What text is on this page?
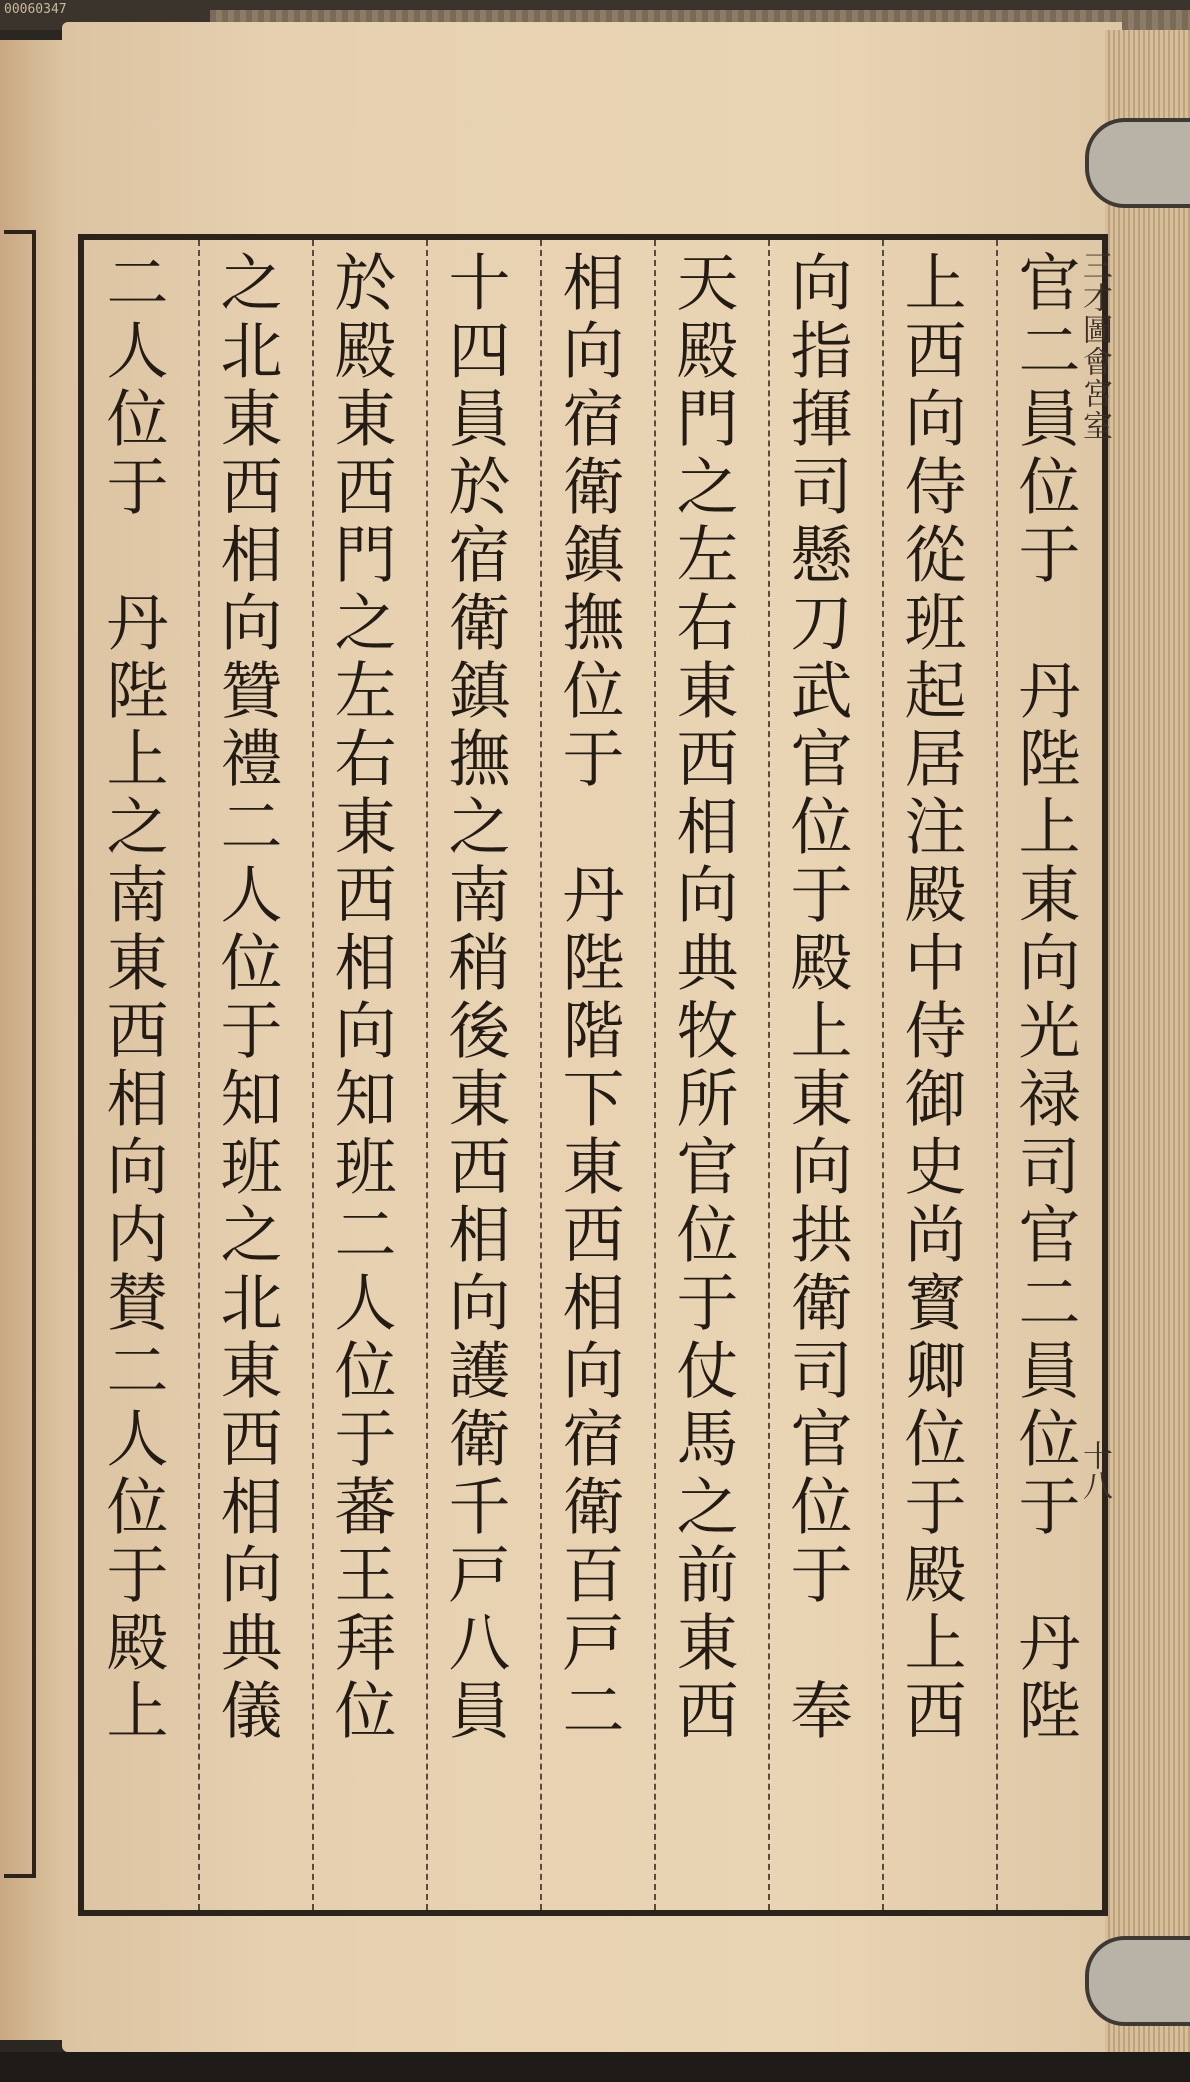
00060347
官二員位于　丹陛上東向光禄司官二員位于　丹陛
上西向侍從班起居注殿中侍御史尚寳卿位于殿上西
向指揮司懸刀武官位于殿上東向拱衛司官位于　奉
天殿門之左右東西相向典牧所官位于仗馬之前東西
相向宿衛鎮撫位于　丹陛階下東西相向宿衛百戸二
十四員於宿衛鎮撫之南稍後東西相向護衛千戸八員
於殿東西門之左右東西相向知班二人位于蕃王拜位
之北東西相向贊禮二人位于知班之北東西相向典儀
二人位于　丹陛上之南東西相向内賛二人位于殿上	三才圖會宮室
十八
